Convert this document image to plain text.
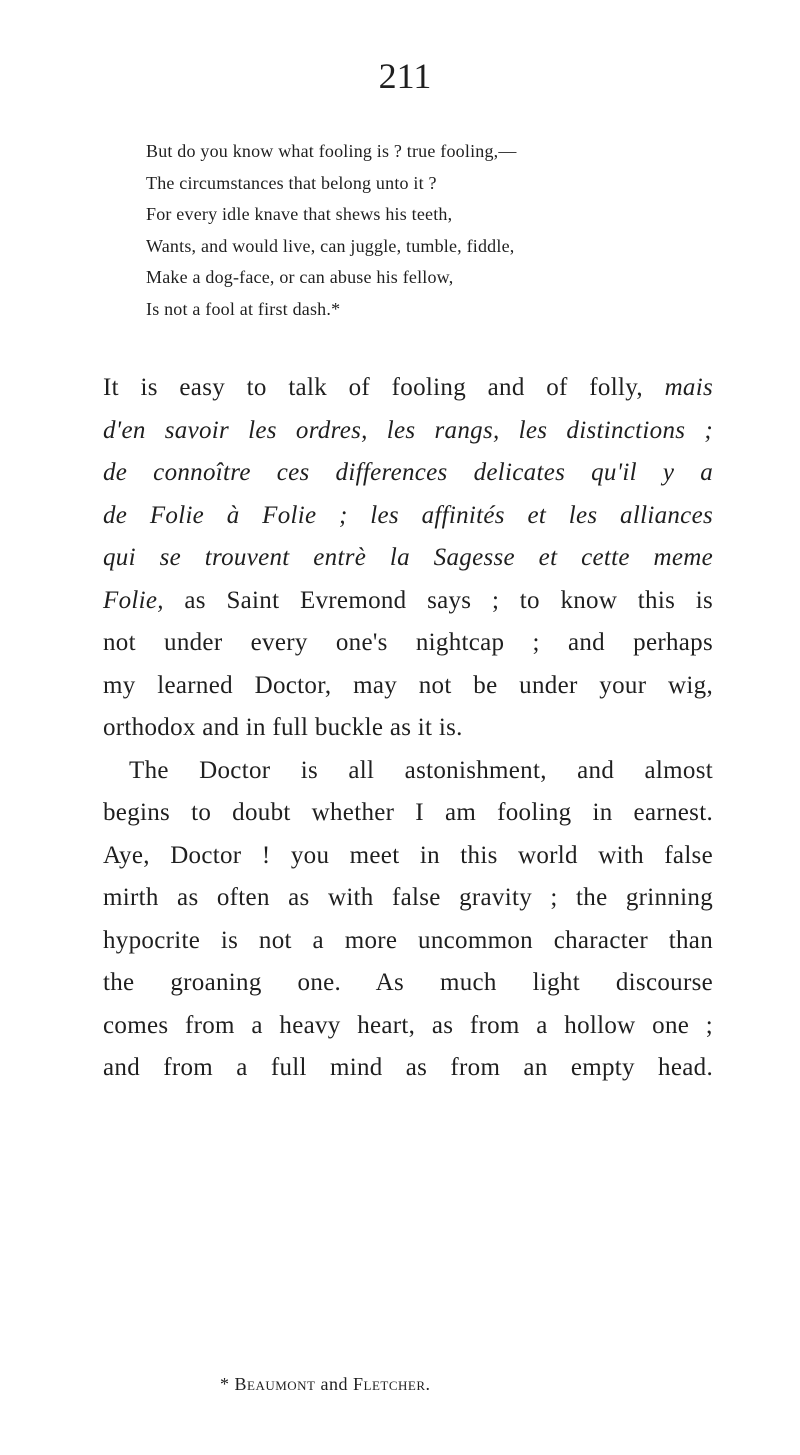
211
But do you know what fooling is ? true fooling,—
The circumstances that belong unto it ?
For every idle knave that shews his teeth,
Wants, and would live, can juggle, tumble, fiddle,
Make a dog-face, or can abuse his fellow,
Is not a fool at first dash.*
It is easy to talk of fooling and of folly, mais
d'en savoir les ordres, les rangs, les distinctions ;
de connoître ces differences delicates qu'il y a
de Folie à Folie ; les affinités et les alliances
qui se trouvent entrè la Sagesse et cette meme
Folie, as Saint Evremond says ; to know this is
not under every one's nightcap ; and perhaps
my learned Doctor, may not be under your wig,
orthodox and in full buckle as it is.
The Doctor is all astonishment, and almost
begins to doubt whether I am fooling in earnest.
Aye, Doctor ! you meet in this world with false
mirth as often as with false gravity ; the grinning
hypocrite is not a more uncommon character than
the groaning one. As much light discourse
comes from a heavy heart, as from a hollow one ;
and from a full mind as from an empty head.
* Beaumont and Fletcher.
